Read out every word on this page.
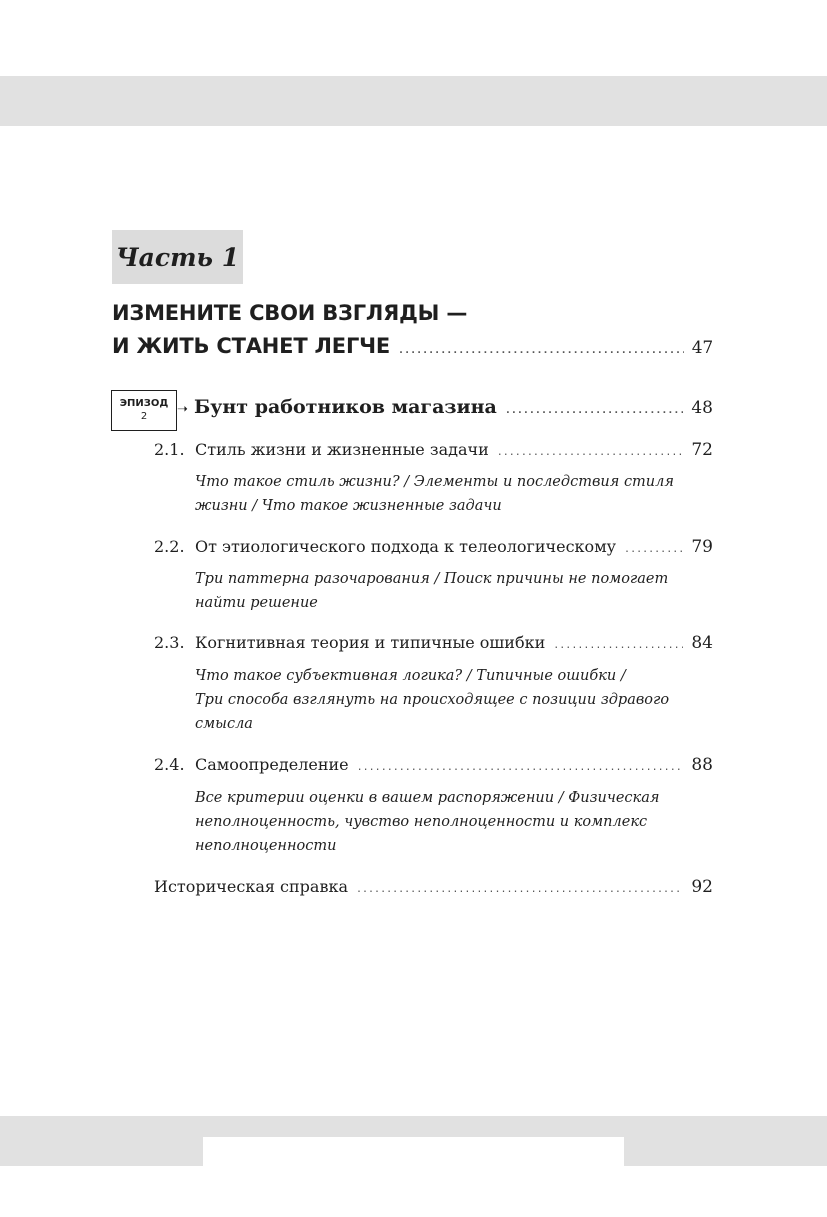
Часть 1
ИЗМЕНИТЕ СВОИ ВЗГЛЯДЫ —
И ЖИТЬ СТАНЕТ ЛЕГЧЕ .....	47
ЭПИЗОД
2	➝ Бунт работников магазина .....	48
2.1. Стиль жизни и жизненные задачи .....	72
Что такое стиль жизни? / Элементы и последствия стиля
жизни / Что такое жизненные задачи
2.2. От этиологического подхода к телеологическому .....	79
Три паттерна разочарования / Поиск причины не помогает
найти решение
2.3. Когнитивная теория и типичные ошибки .....	84
Что такое субъективная логика? / Типичные ошибки /
Три способа взглянуть на происходящее с позиции здравого
смысла
2.4. Самоопределение .....	88
Все критерии оценки в вашем распоряжении / Физическая
неполноценность, чувство неполноценности и комплекс
неполноценности
Историческая справка .....	92
